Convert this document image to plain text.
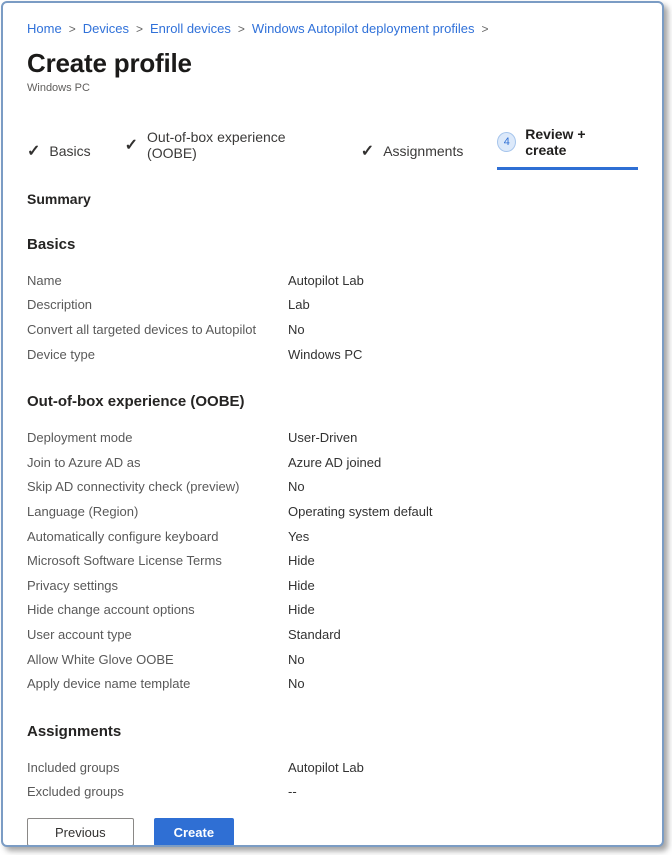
Home > Devices > Enroll devices > Windows Autopilot deployment profiles >
Create profile
Windows PC
✓ Basics ✓ Out-of-box experience (OOBE)	✓ Assignments
4	Review + create
Summary
Basics
Name	Autopilot Lab
Description	Lab
Convert all targeted devices to Autopilot	No
Device type	Windows PC
Out-of-box experience (OOBE)
Deployment mode	User-Driven
Join to Azure AD as	Azure AD joined
Skip AD connectivity check (preview)	No
Language (Region)	Operating system default
Automatically configure keyboard	Yes
Microsoft Software License Terms	Hide
Privacy settings	Hide
Hide change account options	Hide
User account type	Standard
Allow White Glove OOBE	No
Apply device name template	No
Assignments
Included groups	Autopilot Lab
Excluded groups	--
Previous	Create
